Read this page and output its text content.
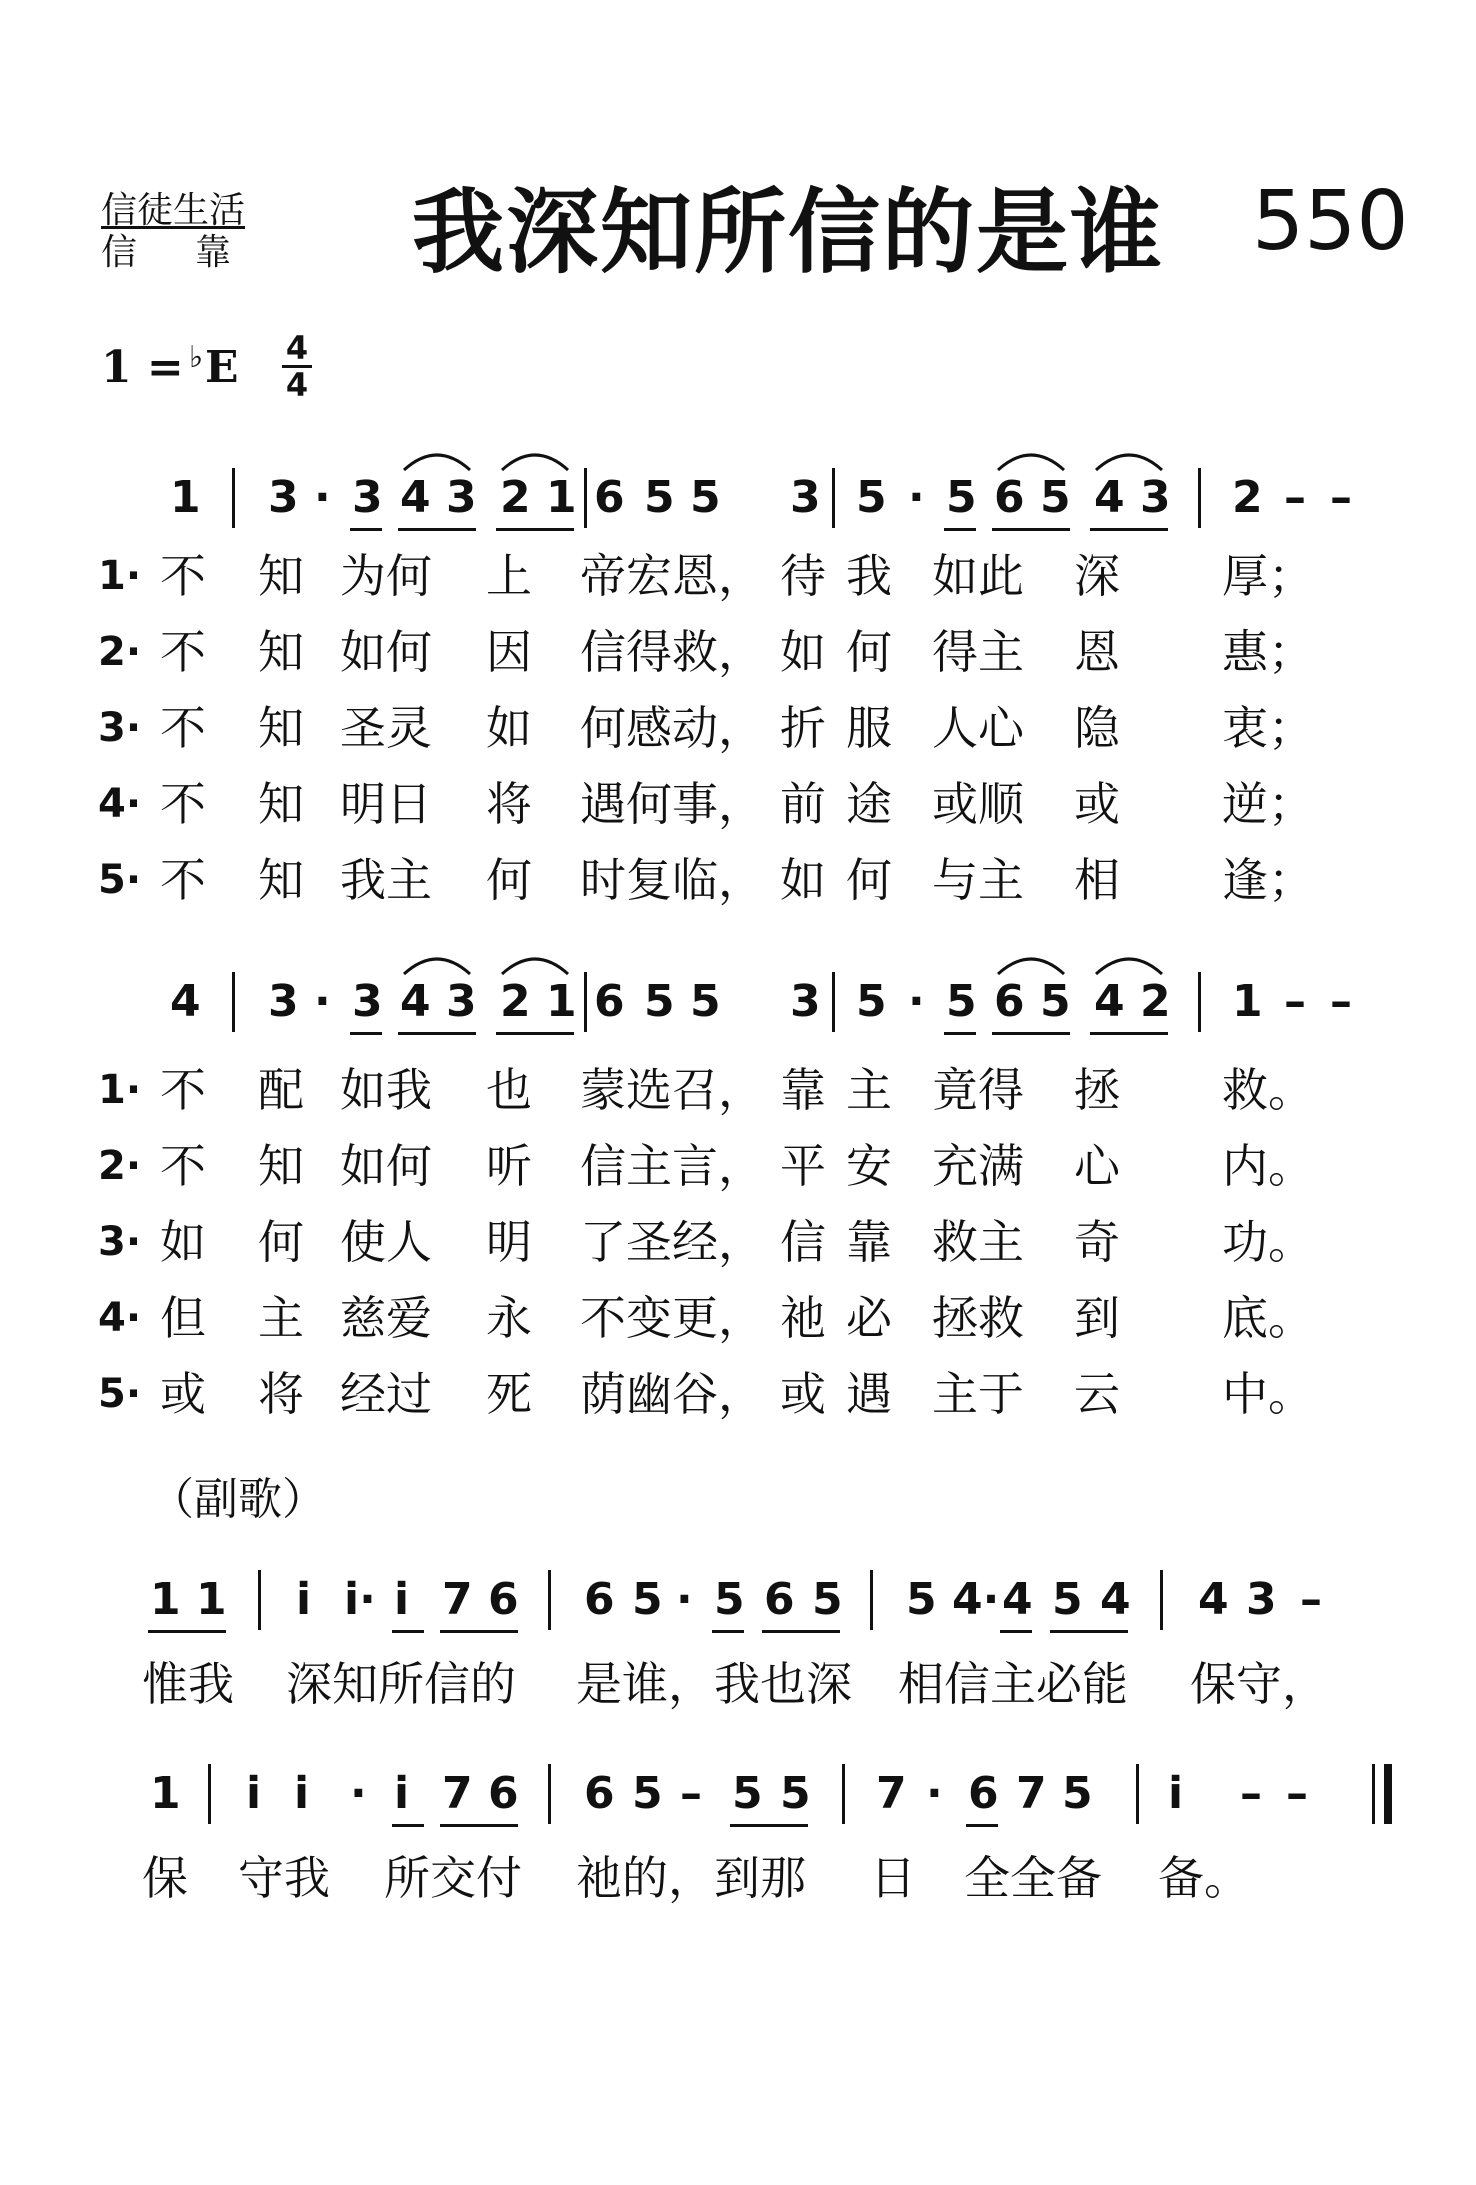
信徒生活
信靠 我深知所信的是谁 550
1 = ♭ E 4
4
1 3 · 3 4 3 2 1 6 5 5 3 5 · 5 6 5 4 3 2 – –
1· 不 知 为何 上 帝宏恩， 待 我 如此 深 厚；
2· 不 知 如何 因 信得救， 如 何 得主 恩 惠；
3· 不 知 圣灵 如 何感动， 折 服 人心 隐 衷；
4· 不 知 明日 将 遇何事， 前 途 或顺 或 逆；
5· 不 知 我主 何 时复临， 如 何 与主 相 逢；
4 3 · 3 4 3 2 1 6 5 5 3 5 · 5 6 5 4 2 1 – –
1· 不 配 如我 也 蒙选召， 靠 主 竟得 拯 救。
2· 不 知 如何 听 信主言， 平 安 充满 心 内。
3· 如 何 使人 明 了圣经， 信 靠 救主 奇 功。
4· 但 主 慈爱 永 不变更， 祂 必 拯救 到 底。
5· 或 将 经过 死 荫幽谷， 或 遇 主于 云 中。
（副歌）
1 1 i̇ i̇· i̇ 7 6 6 5 · 5 6 5 5 4· 4 5 4 4 3 –
惟我 深知所信的 是谁，我也深 相信主必能 保守，
1 i̇ i̇ · i̇ 7 6 6 5 – 5 5 7 · 6 7 5 i̇ – –
保 守我 所交付 祂的，到那 日 全全备 备。
